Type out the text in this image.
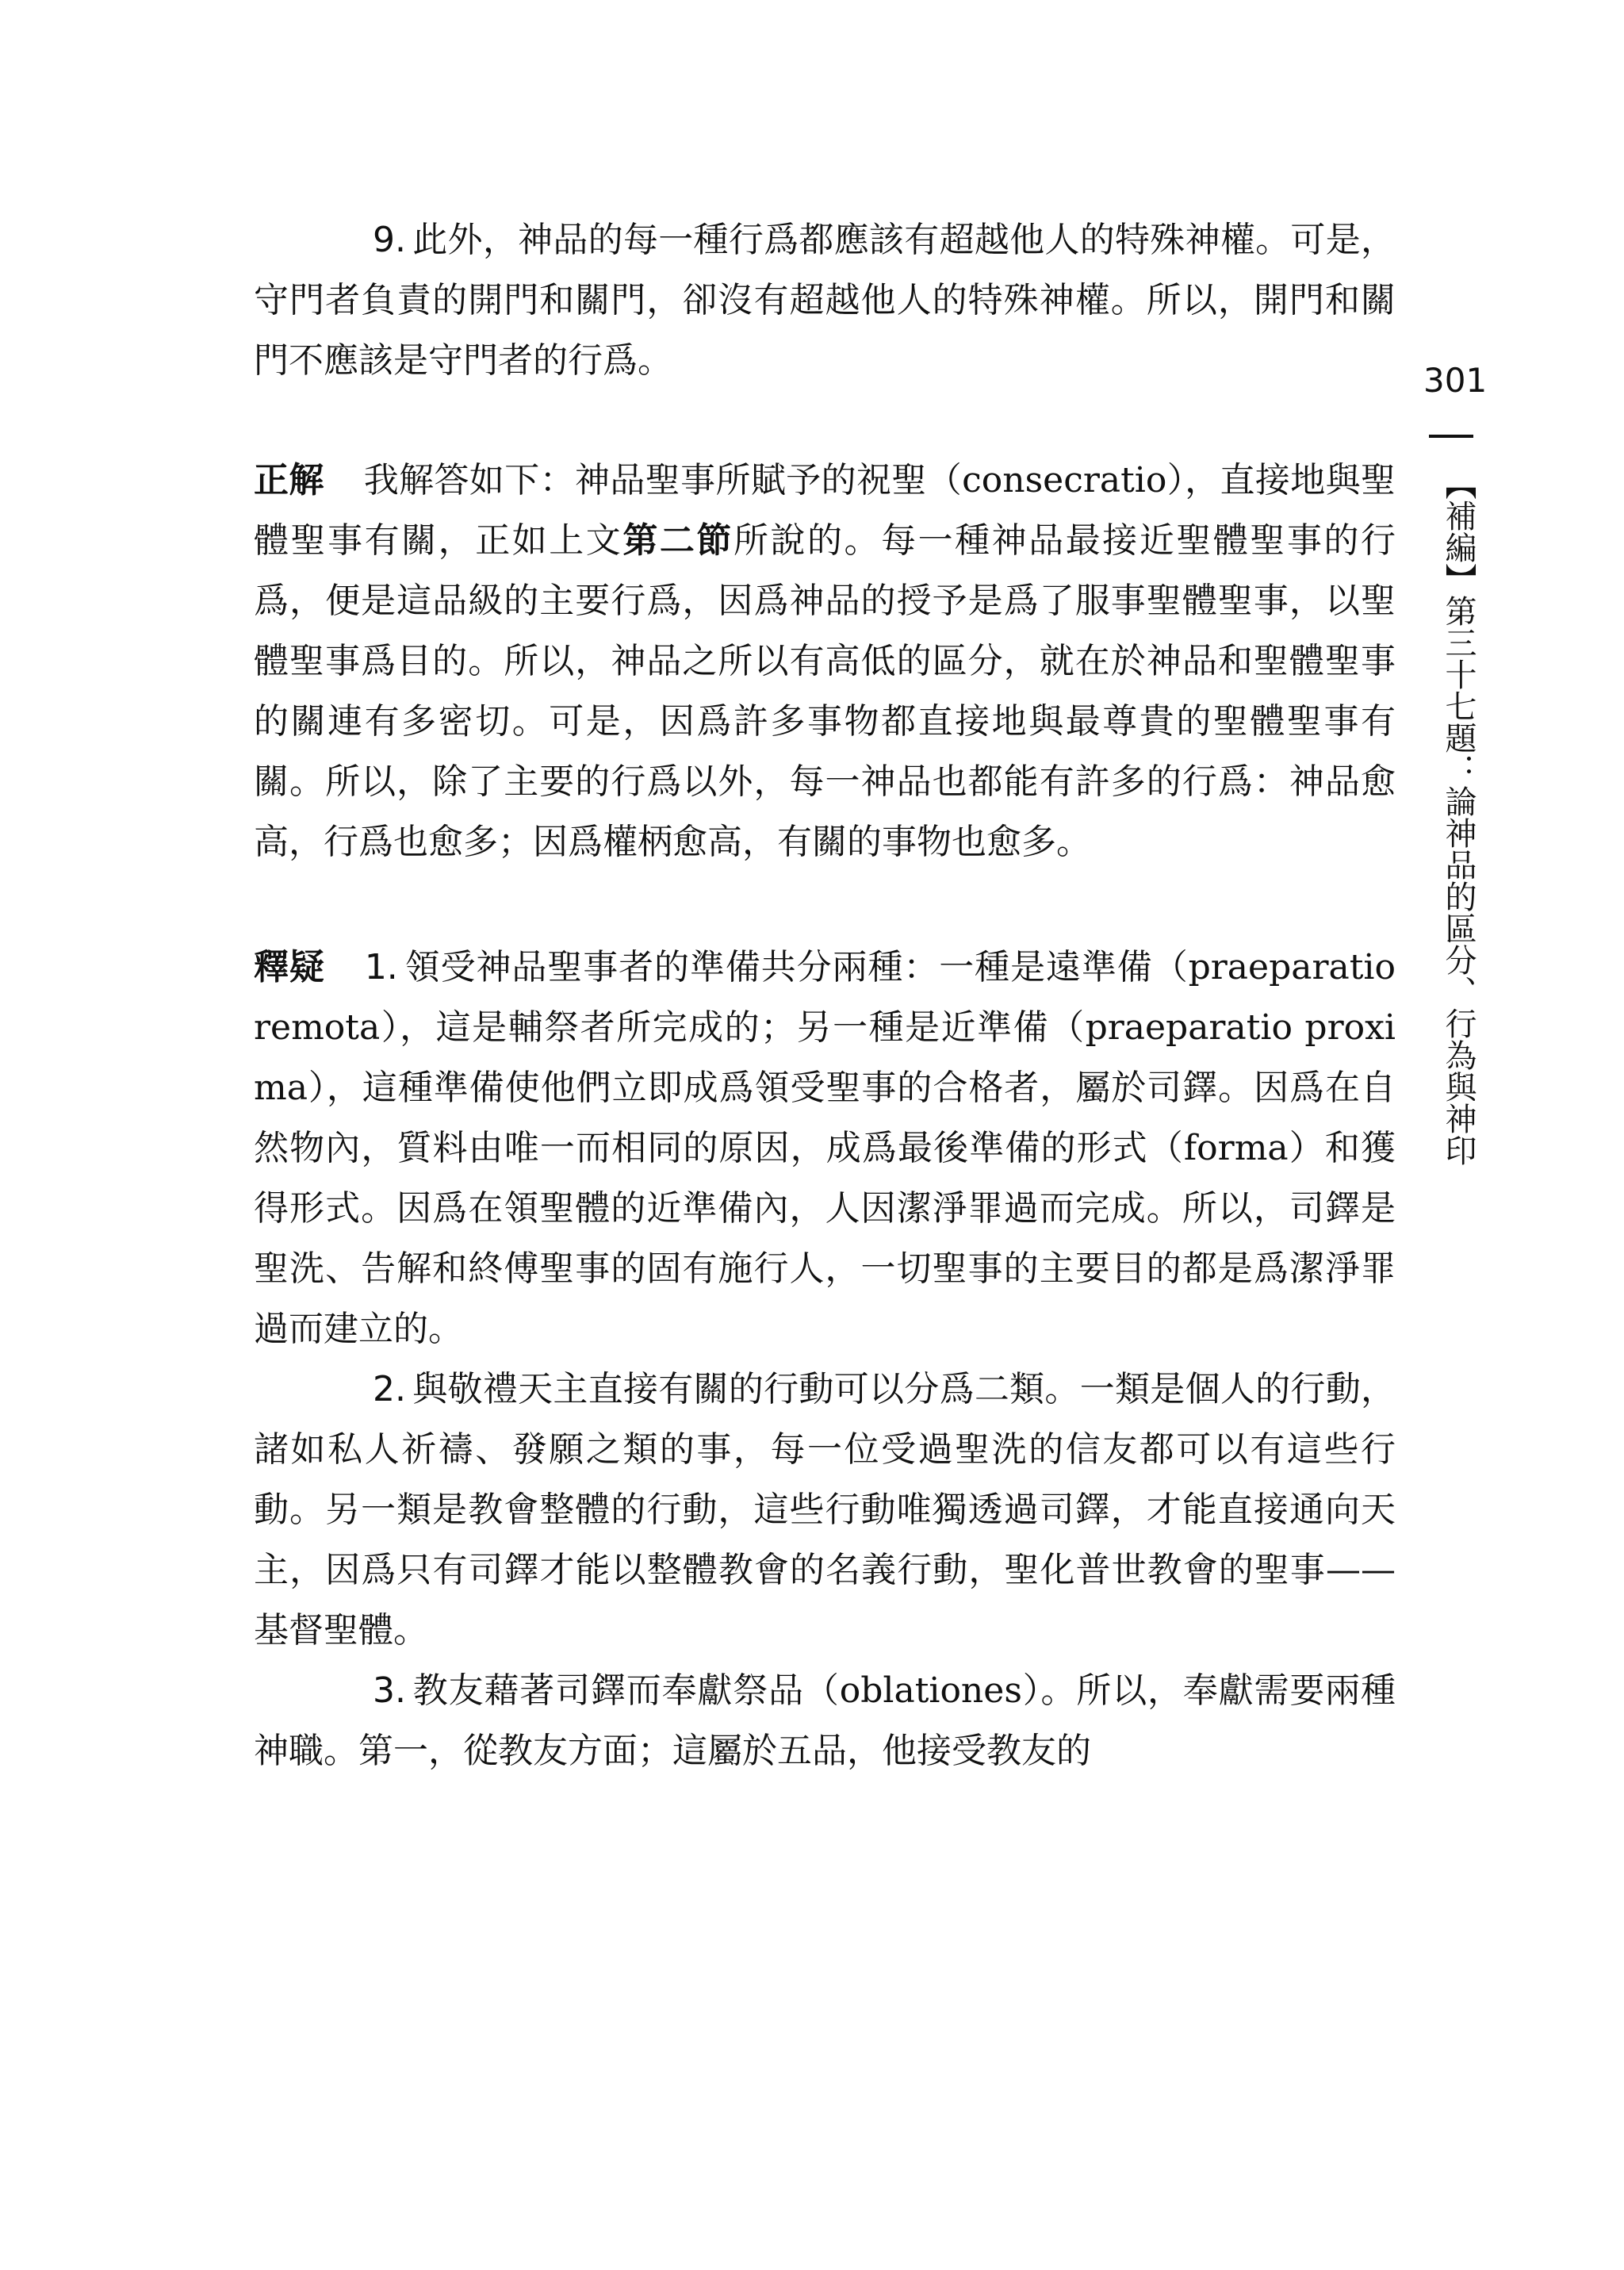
9. 此外，神品的每一種行爲都應該有超越他人的特殊神權。可是，守門者負責的開門和關門，卻沒有超越他人的特殊神權。所以，開門和關門不應該是守門者的行爲。

正解 我解答如下：神品聖事所賦予的祝聖（consecratio），直接地與聖體聖事有關，正如上文第二節所說的。每一種神品最接近聖體聖事的行爲，便是這品級的主要行爲，因爲神品的授予是爲了服事聖體聖事，以聖體聖事爲目的。所以，神品之所以有高低的區分，就在於神品和聖體聖事的關連有多密切。可是，因爲許多事物都直接地與最尊貴的聖體聖事有關。所以，除了主要的行爲以外，每一神品也都能有許多的行爲：神品愈高，行爲也愈多；因爲權柄愈高，有關的事物也愈多。

釋疑 1. 領受神品聖事者的準備共分兩種：一種是遠準備（praeparatio remota），這是輔祭者所完成的；另一種是近準備（praeparatio proxima），這種準備使他們立即成爲領受聖事的合格者，屬於司鐸。因爲在自然物內，質料由唯一而相同的原因，成爲最後準備的形式（forma）和獲得形式。因爲在領聖體的近準備內，人因潔淨罪過而完成。所以，司鐸是聖洗、告解和終傅聖事的固有施行人，一切聖事的主要目的都是爲潔淨罪過而建立的。

2. 與敬禮天主直接有關的行動可以分爲二類。一類是個人的行動，諸如私人祈禱、發願之類的事，每一位受過聖洗的信友都可以有這些行動。另一類是教會整體的行動，這些行動唯獨透過司鐸，才能直接通向天主，因爲只有司鐸才能以整體教會的名義行動，聖化普世教會的聖事——基督聖體。

3. 教友藉著司鐸而奉獻祭品（oblationes）。所以，奉獻需要兩種神職。第一，從教友方面；這屬於五品，他接受教友的

301
【補編】第三十七題：論神品的區分、行為與神印
